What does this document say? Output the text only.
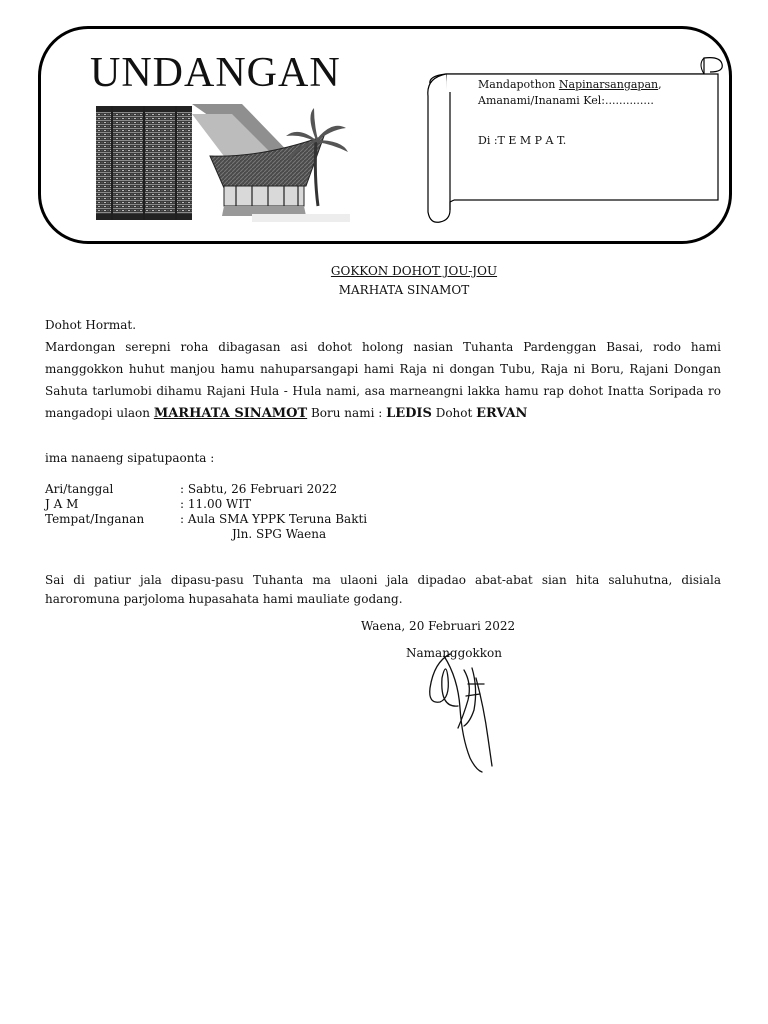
UNDANGAN	Mandapothon Napinarsangapan,
Amanami/Inanami Kel:..............
Di :T E M P A T.
GOKKON DOHOT JOU-JOU
MARHATA SINAMOT
Dohot Hormat.
Mardongan serepni roha dibagasan asi dohot holong nasian Tuhanta Pardenggan Basai, rodo hami manggokkon huhut manjou hamu nahuparsangapi hami Raja ni dongan Tubu, Raja ni Boru, Rajani Dongan Sahuta tarlumobi dihamu Rajani Hula - Hula nami, asa marneangni lakka hamu rap dohot Inatta Soripada ro mangadopi ulaon MARHATA SINAMOT Boru nami : LEDIS Dohot ERVAN
ima nanaeng sipatupaonta :
Ari/tanggal	: Sabtu, 26 Februari 2022
J A M	: 11.00 WIT
Tempat/Inganan	: Aula SMA YPPK Teruna Bakti
Jln. SPG Waena
Sai di patiur jala dipasu-pasu Tuhanta ma ulaoni jala dipadao abat-abat sian hita saluhutna, disiala haroromuna parjoloma hupasahata hami mauliate godang.
Waena, 20 Februari 2022
Namanggokkon
